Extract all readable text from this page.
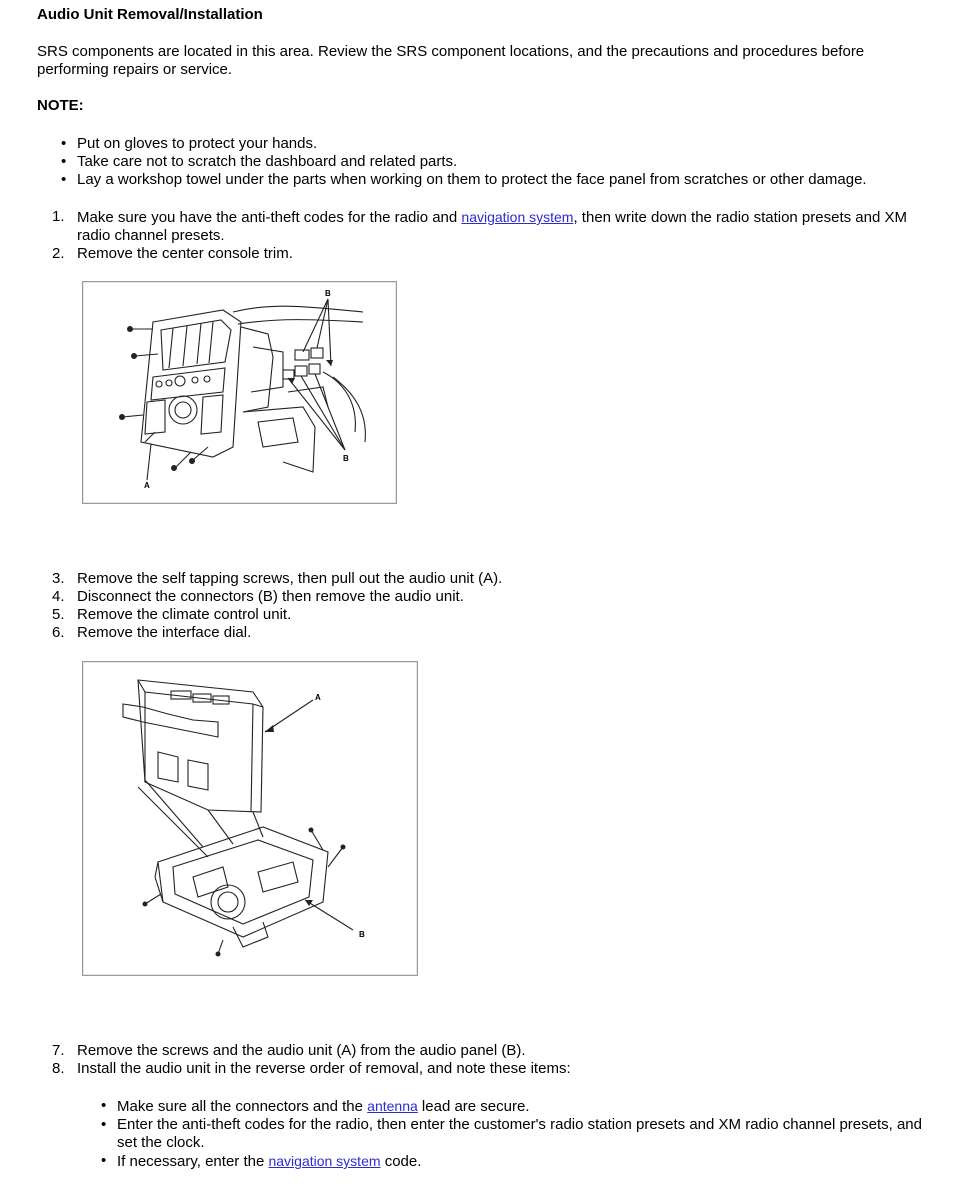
Audio Unit Removal/Installation
SRS components are located in this area. Review the SRS component locations, and the precautions and procedures before performing repairs or service.
NOTE:
• Put on gloves to protect your hands.
• Take care not to scratch the dashboard and related parts.
• Lay a workshop towel under the parts when working on them to protect the face panel from scratches or other damage.
1. Make sure you have the anti-theft codes for the radio and navigation system, then write down the radio station presets and XM radio channel presets.
2. Remove the center console trim.
B
B
A
3. Remove the self tapping screws, then pull out the audio unit (A).
4. Disconnect the connectors (B) then remove the audio unit.
5. Remove the climate control unit.
6. Remove the interface dial.
A
B
7. Remove the screws and the audio unit (A) from the audio panel (B).
8. Install the audio unit in the reverse order of removal, and note these items:
• Make sure all the connectors and the antenna lead are secure.
• Enter the anti-theft codes for the radio, then enter the customer's radio station presets and XM radio channel presets, and set the clock.
• If necessary, enter the navigation system code.
